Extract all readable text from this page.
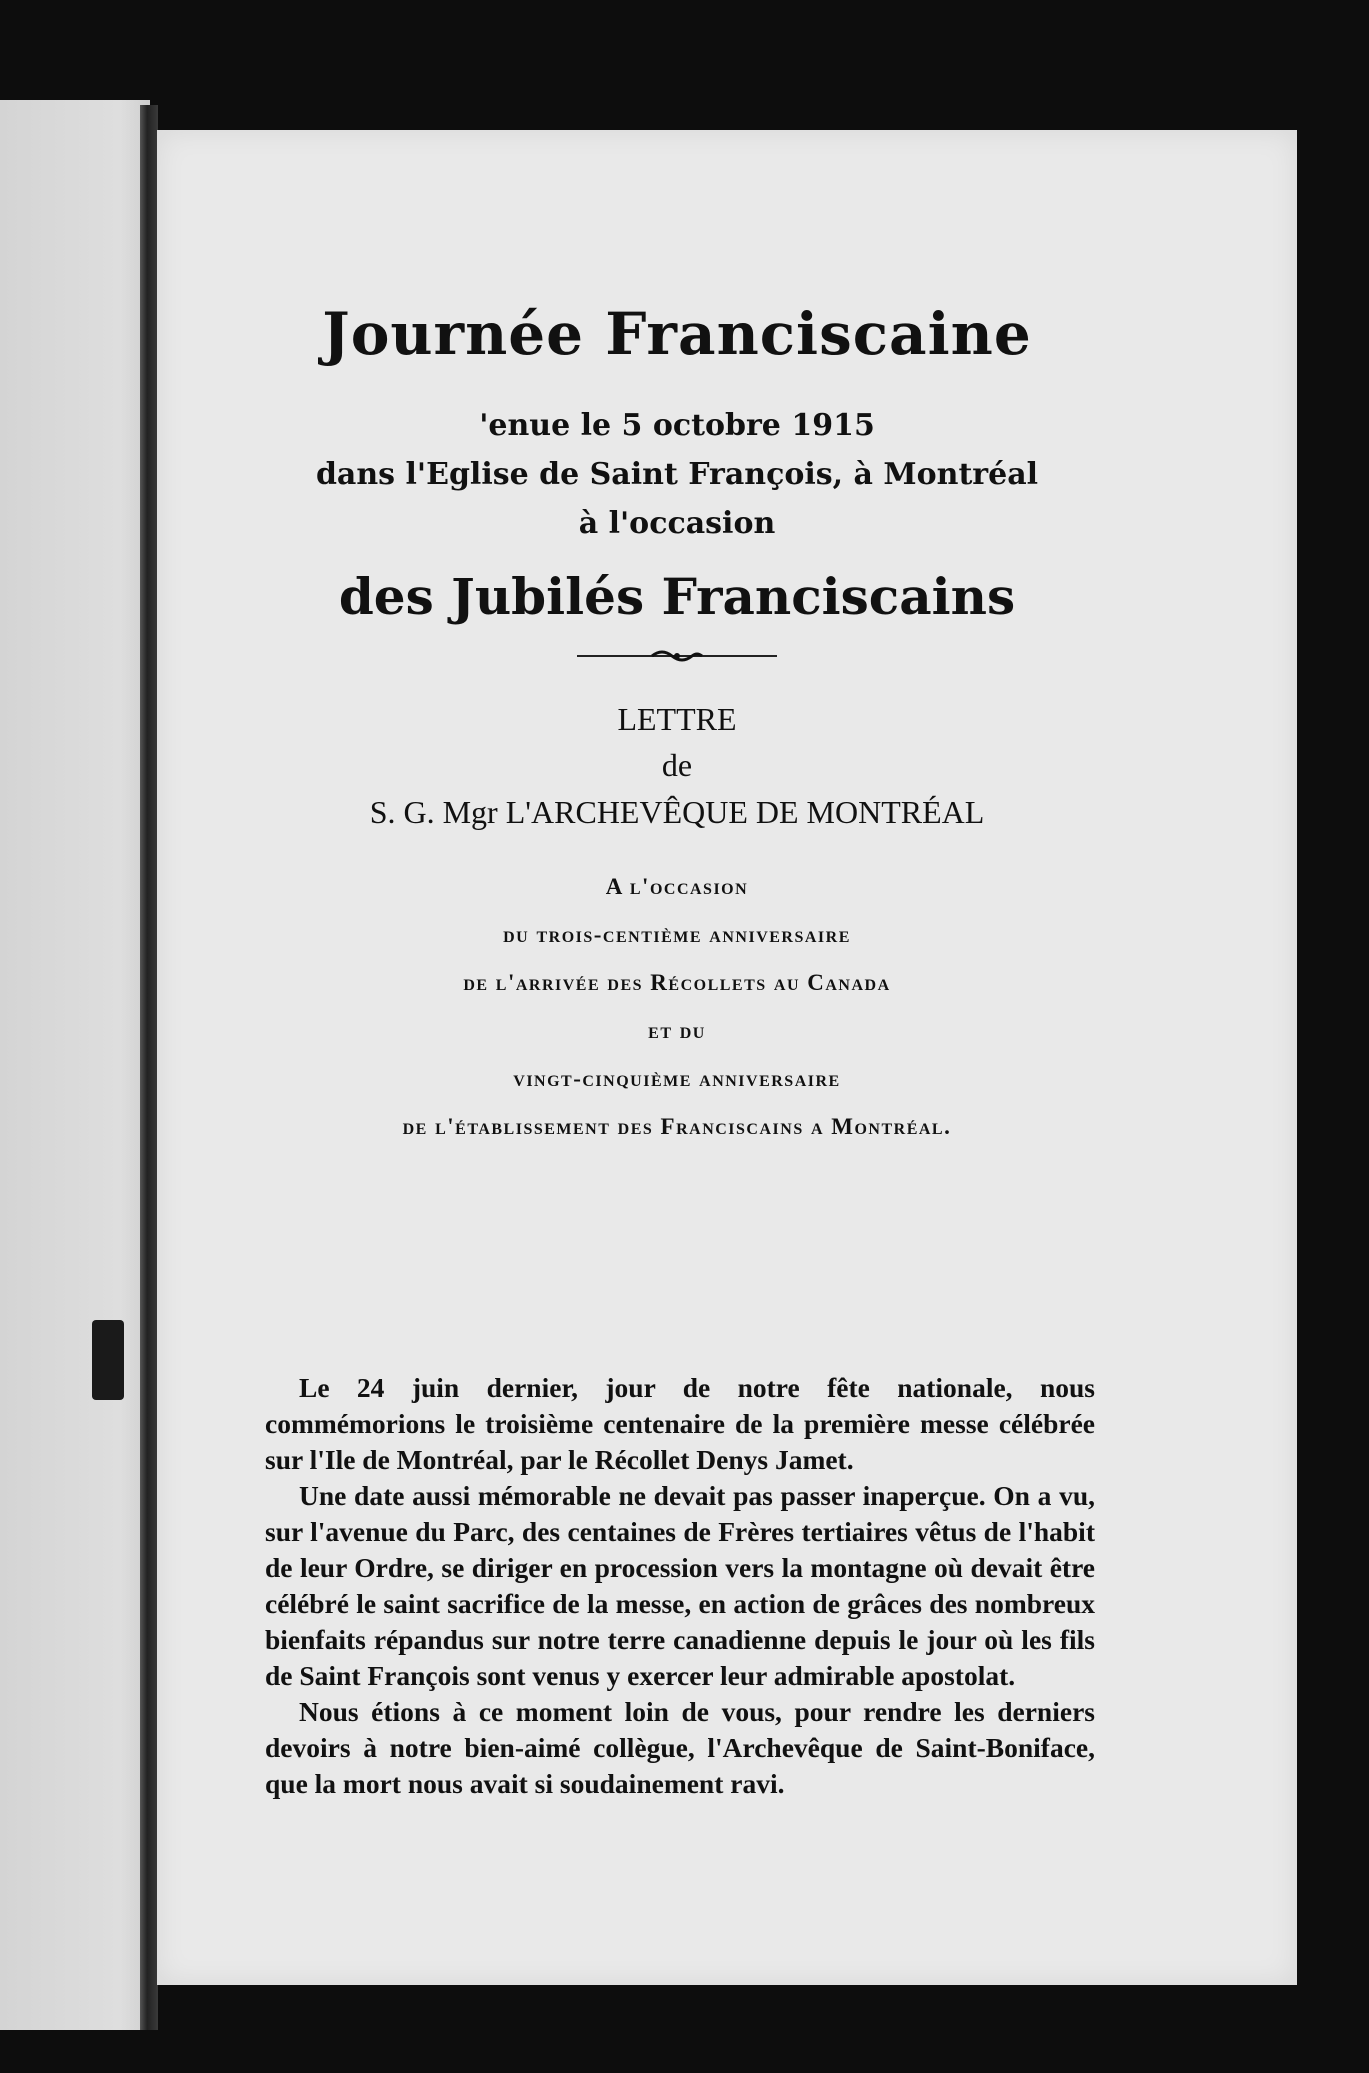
Journée Franciscaine
'enue le 5 octobre 1915
dans l'Eglise de Saint François, à Montréal
à l'occasion
des Jubilés Franciscains
LETTRE
de
S. G. Mgr L'ARCHEVÊQUE DE MONTRÉAL
A l'occasion
du trois-centième anniversaire
de l'arrivée des Récollets au Canada
et du
vingt-cinquième anniversaire
de l'établissement des Franciscains a Montréal.

Le 24 juin dernier, jour de notre fête nationale, nous commémorions le troisième centenaire de la première messe célébrée sur l'Ile de Montréal, par le Récollet Denys Jamet.

Une date aussi mémorable ne devait pas passer inaperçue. On a vu, sur l'avenue du Parc, des centaines de Frères tertiaires vêtus de l'habit de leur Ordre, se diriger en procession vers la montagne où devait être célébré le saint sacrifice de la messe, en action de grâces des nombreux bienfaits répandus sur notre terre canadienne depuis le jour où les fils de Saint François sont venus y exercer leur admirable apostolat.

Nous étions à ce moment loin de vous, pour rendre les derniers devoirs à notre bien-aimé collègue, l'Archevêque de Saint-Boniface, que la mort nous avait si soudainement ravi.
